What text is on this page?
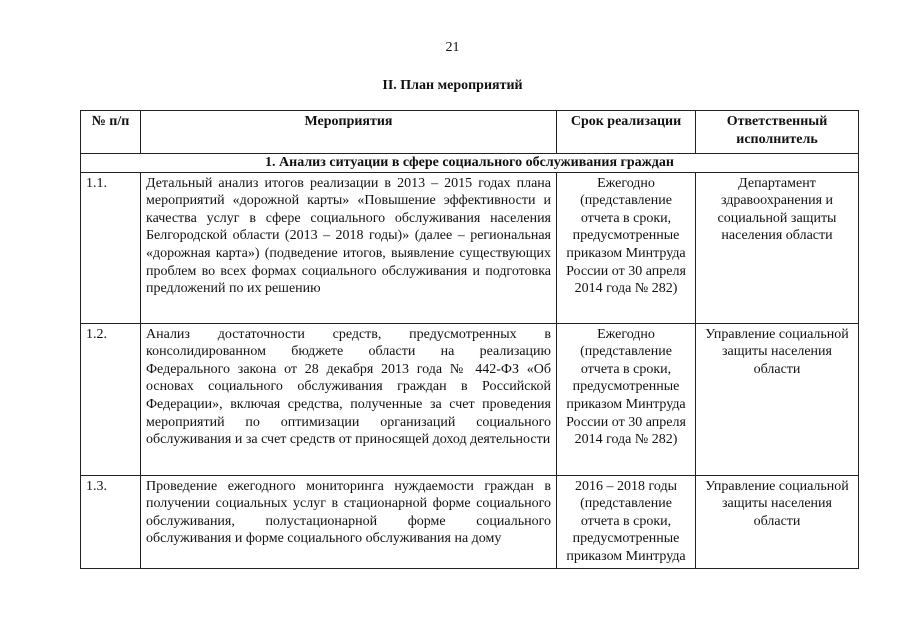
21
II. План мероприятий
№ п/п	Мероприятия	Срок реализации	Ответственный исполнитель
1. Анализ ситуации в сфере социального обслуживания граждан			
1.1.	Детальный анализ итогов реализации в 2013 – 2015 годах плана мероприятий «дорожной карты» «Повышение эффективности и качества услуг в сфере социального обслуживания населения Белгородской области (2013 – 2018 годы)» (далее – региональная «дорожная карта») (подведение итогов, выявление существующих проблем во всех формах социального обслуживания и подготовка предложений по их решению	Ежегодно (представление отчета в сроки, предусмотренные приказом Минтруда России от 30 апреля 2014 года № 282)	Департамент здравоохранения и социальной защиты населения области
1.2.	Анализ достаточности средств, предусмотренных в консолидированном бюджете области на реализацию Федерального закона от 28 декабря 2013 года № 442-ФЗ «Об основах социального обслуживания граждан в Российской Федерации», включая средства, полученные за счет проведения мероприятий по оптимизации организаций социального обслуживания и за счет средств от приносящей доход деятельности	Ежегодно (представление отчета в сроки, предусмотренные приказом Минтруда России от 30 апреля 2014 года № 282)	Управление социальной защиты населения области
1.3.	Проведение ежегодного мониторинга нуждаемости граждан в получении социальных услуг в стационарной форме социального обслуживания, полустационарной форме социального обслуживания и форме социального обслуживания на дому	2016 – 2018 годы (представление отчета в сроки, предусмотренные приказом Минтруда	Управление социальной защиты населения области
